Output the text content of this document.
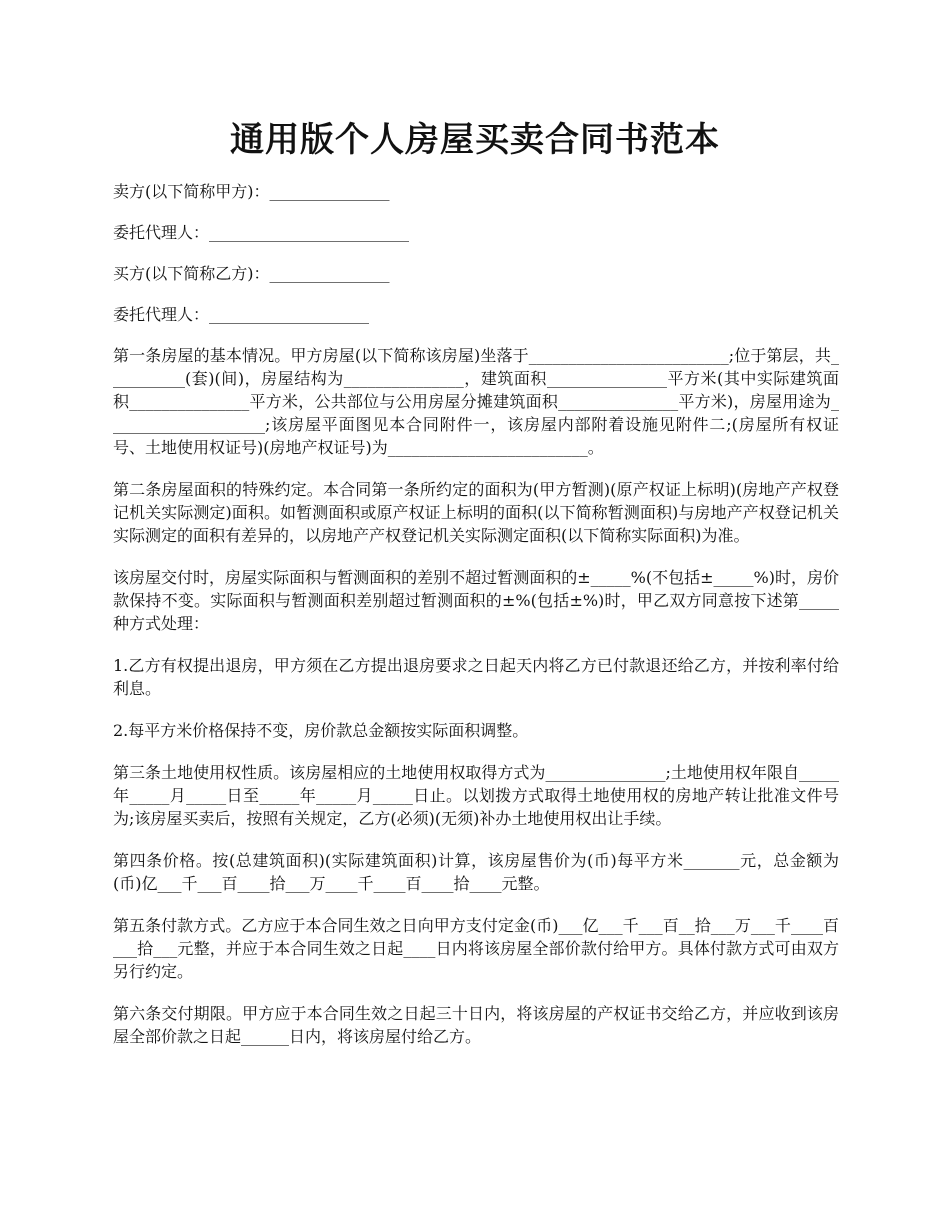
通用版个人房屋买卖合同书范本

卖方(以下简称甲方)：_______________

委托代理人：_________________________

买方(以下简称乙方)：_______________

委托代理人：____________________

第一条房屋的基本情况。甲方房屋(以下简称该房屋)坐落于_________________________;位于第层，共__________(套)(间)，房屋结构为_______________，建筑面积_______________平方米(其中实际建筑面积_______________平方米，公共部位与公用房屋分摊建筑面积_______________平方米)，房屋用途为____________________;该房屋平面图见本合同附件一，该房屋内部附着设施见附件二;(房屋所有权证号、土地使用权证号)(房地产权证号)为_________________________。

第二条房屋面积的特殊约定。本合同第一条所约定的面积为(甲方暂测)(原产权证上标明)(房地产产权登记机关实际测定)面积。如暂测面积或原产权证上标明的面积(以下简称暂测面积)与房地产产权登记机关实际测定的面积有差异的，以房地产产权登记机关实际测定面积(以下简称实际面积)为准。

该房屋交付时，房屋实际面积与暂测面积的差别不超过暂测面积的±_____%(不包括±_____%)时，房价款保持不变。实际面积与暂测面积差别超过暂测面积的±%(包括±%)时，甲乙双方同意按下述第_____种方式处理：

1.乙方有权提出退房，甲方须在乙方提出退房要求之日起天内将乙方已付款退还给乙方，并按利率付给利息。

2.每平方米价格保持不变，房价款总金额按实际面积调整。

第三条土地使用权性质。该房屋相应的土地使用权取得方式为_______________;土地使用权年限自_____年_____月_____日至_____年_____月_____日止。以划拨方式取得土地使用权的房地产转让批准文件号为;该房屋买卖后，按照有关规定，乙方(必须)(无须)补办土地使用权出让手续。

第四条价格。按(总建筑面积)(实际建筑面积)计算，该房屋售价为(币)每平方米_______元，总金额为(币)亿___千___百____拾___万____千____百____拾____元整。

第五条付款方式。乙方应于本合同生效之日向甲方支付定金(币)___亿___千___百__拾___万___千____百___拾___元整，并应于本合同生效之日起____日内将该房屋全部价款付给甲方。具体付款方式可由双方另行约定。

第六条交付期限。甲方应于本合同生效之日起三十日内，将该房屋的产权证书交给乙方，并应收到该房屋全部价款之日起______日内，将该房屋付给乙方。
